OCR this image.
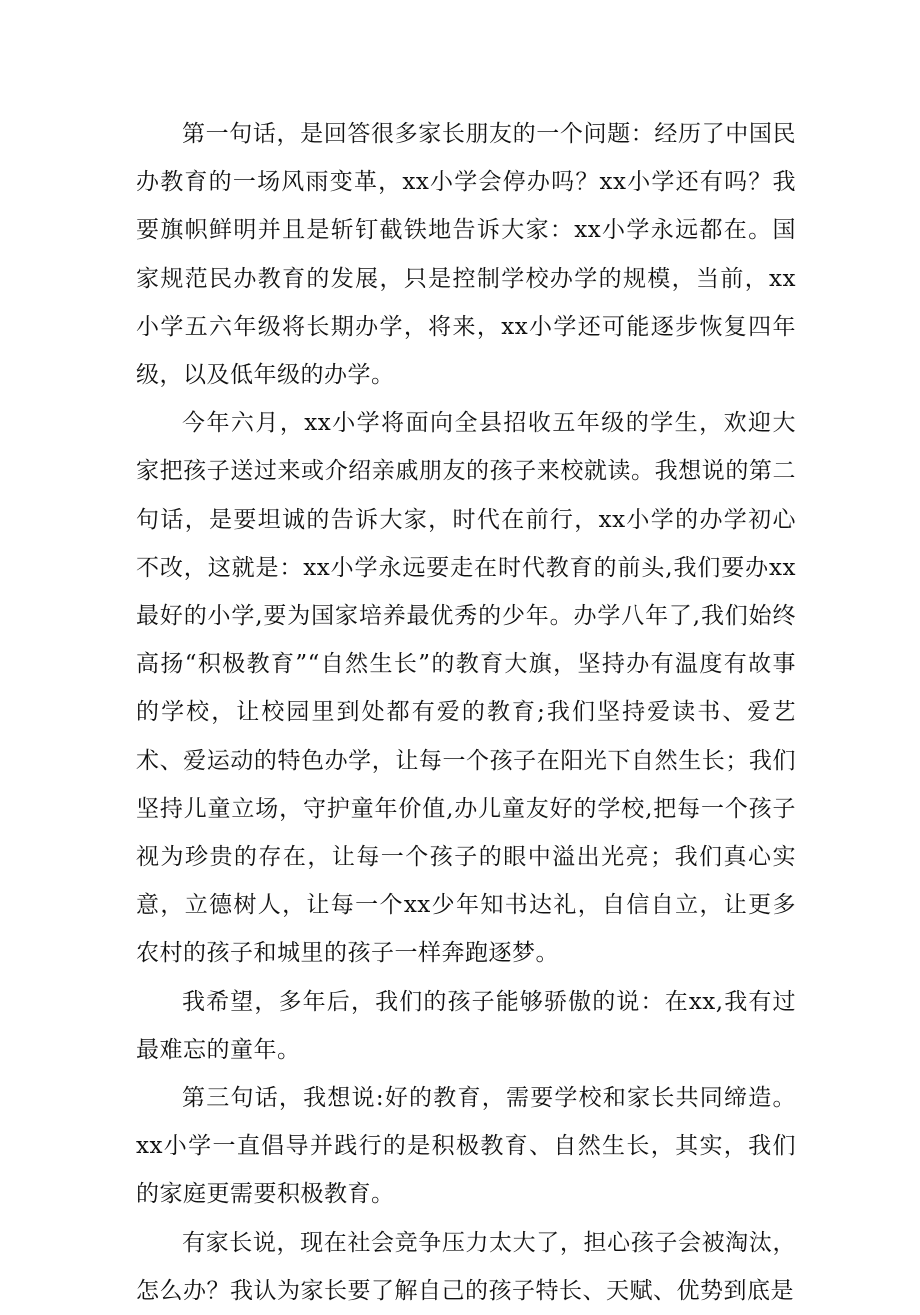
第一句话，是回答很多家长朋友的一个问题：经历了中国民办教育的一场风雨变革，xx小学会停办吗？xx小学还有吗？我要旗帜鲜明并且是斩钉截铁地告诉大家：xx小学永远都在。国家规范民办教育的发展，只是控制学校办学的规模，当前，xx小学五六年级将长期办学，将来，xx小学还可能逐步恢复四年级，以及低年级的办学。

今年六月，xx小学将面向全县招收五年级的学生，欢迎大家把孩子送过来或介绍亲戚朋友的孩子来校就读。我想说的第二句话，是要坦诚的告诉大家，时代在前行，xx小学的办学初心不改，这就是：xx小学永远要走在时代教育的前头,我们要办xx最好的小学,要为国家培养最优秀的少年。办学八年了,我们始终高扬“积极教育”“自然生长”的教育大旗，坚持办有温度有故事的学校，让校园里到处都有爱的教育;我们坚持爱读书、爱艺术、爱运动的特色办学，让每一个孩子在阳光下自然生长；我们坚持儿童立场，守护童年价值,办儿童友好的学校,把每一个孩子视为珍贵的存在，让每一个孩子的眼中溢出光亮；我们真心实意，立德树人，让每一个xx少年知书达礼，自信自立，让更多农村的孩子和城里的孩子一样奔跑逐梦。

我希望，多年后，我们的孩子能够骄傲的说：在xx,我有过最难忘的童年。

第三句话，我想说:好的教育，需要学校和家长共同缔造。xx小学一直倡导并践行的是积极教育、自然生长，其实，我们的家庭更需要积极教育。

有家长说，现在社会竞争压力太大了，担心孩子会被淘汰，怎么办？我认为家长要了解自己的孩子特长、天赋、优势到底是
